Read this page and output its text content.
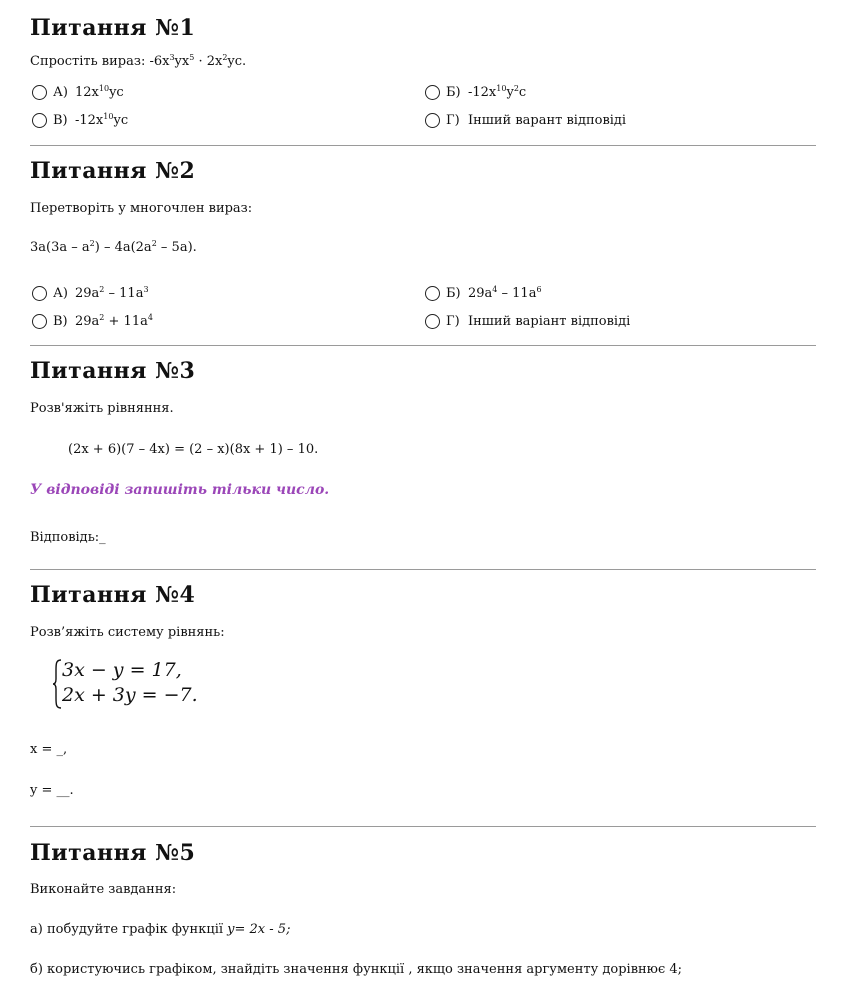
Питання №1
Спростіть вираз: $-6x^3yx^5 \cdot 2x^2yc$.
А) $12x^{10}yc$	Б) $-12x^{10}y^2c$
В) $-12x^{10}yc$	Г) Інший варант відповіді
Питання №2
Перетворіть у многочлен вираз:
$3a(3a - a^2) - 4a(2a^2 - 5a)$.
А) $29a^2 - 11a^3$	Б) $29a^4 - 11a^6$
В) $29a^2 + 11a^4$	Г) Інший варіант відповіді
Питання №3
Розв'яжіть рівняння.
(2x + 6)(7 – 4x) = (2 – x)(8x + 1) – 10.
У відповіді запишіть тільки число.
Відповідь:_
Питання №4
Розв’яжіть систему рівнянь:
3x − y = 17,
2x + 3y = −7.
x = _,
y = __.
Питання №5
Виконайте завдання:
а) побудуйте графік функції y= 2x - 5;
б) користуючись графіком, знайдіть значення функції , якщо значення аргументу дорівнює 4;
